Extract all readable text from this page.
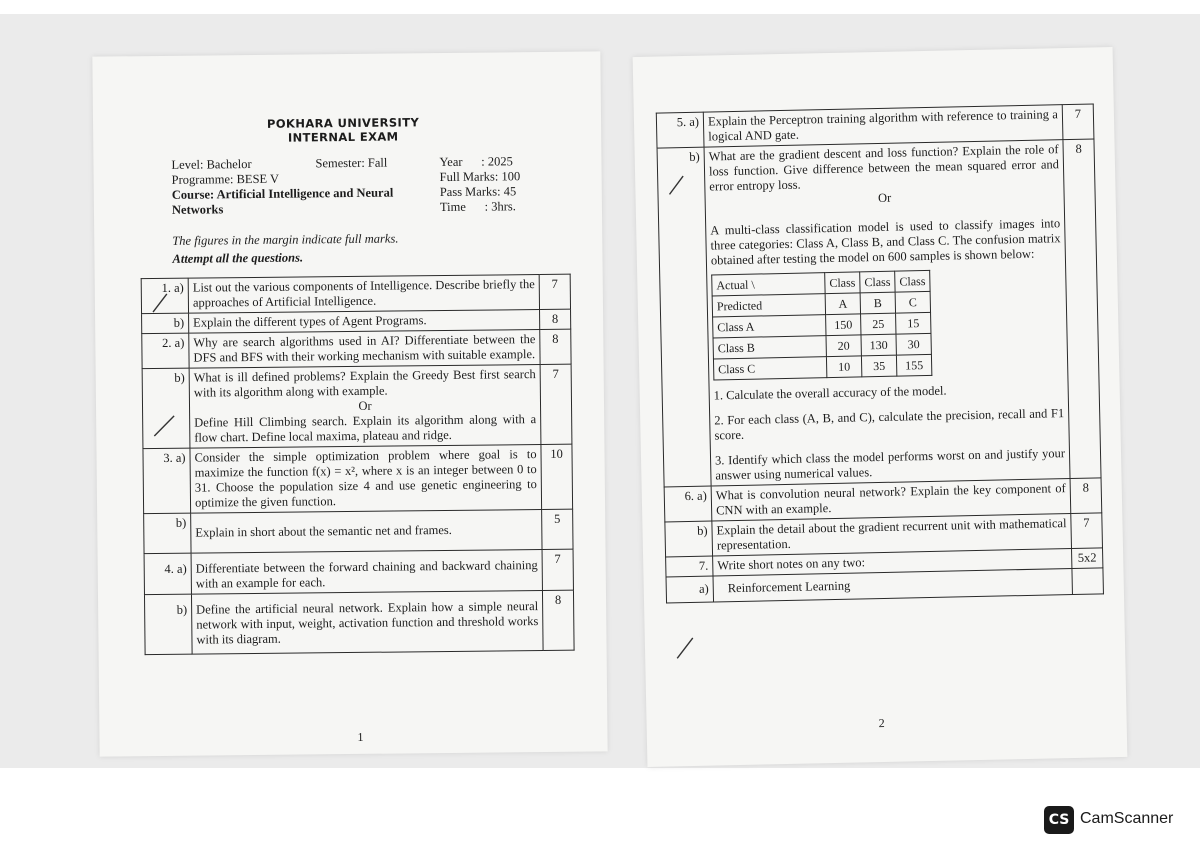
POKHARA UNIVERSITY
INTERNAL EXAM
Level: Bachelor	Semester: Fall	Year      : 2025
Programme: BESE V	Full Marks: 100
Course: Artificial Intelligence and Neural	Pass Marks: 45
Networks	Time      : 3hrs.
The figures in the margin indicate full marks.
Attempt all the questions.
1. a)	List out the various components of Intelligence. Describe briefly the approaches of Artificial Intelligence.	7
b)	Explain the different types of Agent Programs.	8
2. a)	Why are search algorithms used in AI? Differentiate between the DFS and BFS with their working mechanism with suitable example.	8
b)	What is ill defined problems? Explain the Greedy Best first search with its algorithm along with example.
Or
Define Hill Climbing search. Explain its algorithm along with a flow chart. Define local maxima, plateau and ridge.	7
3. a)	Consider the simple optimization problem where goal is to maximize the function f(x) = x², where x is an integer between 0 to 31. Choose the population size 4 and use genetic engineering to optimize the given function.	10
b)	Explain in short about the semantic net and frames.	5
4. a)	Differentiate between the forward chaining and backward chaining with an example for each.	7
b)	Define the artificial neural network. Explain how a simple neural network with input, weight, activation function and threshold works with its diagram.	8
1
5. a)	Explain the Perceptron training algorithm with reference to training a logical AND gate.	7
b)	What are the gradient descent and loss function? Explain the role of loss function. Give difference between the mean squared error and error entropy loss.
Or
A multi-class classification model is used to classify images into three categories: Class A, Class B, and Class C. The confusion matrix obtained after testing the model on 600 samples is shown below:
Actual \	Class	Class	Class
Predicted	A	B	C
Class A	150	25	15
Class B	20	130	30
Class C	10	35	155
1. Calculate the overall accuracy of the model.
2. For each class (A, B, and C), calculate the precision, recall and F1 score.
3. Identify which class the model performs worst on and justify your answer using numerical values.
	8
6. a)	What is convolution neural network? Explain the key component of CNN with an example.	8
b)	Explain the detail about the gradient recurrent unit with mathematical representation.	7
7.	Write short notes on any two:	5x2
a)	Reinforcement Learning	
2
CS CamScanner
